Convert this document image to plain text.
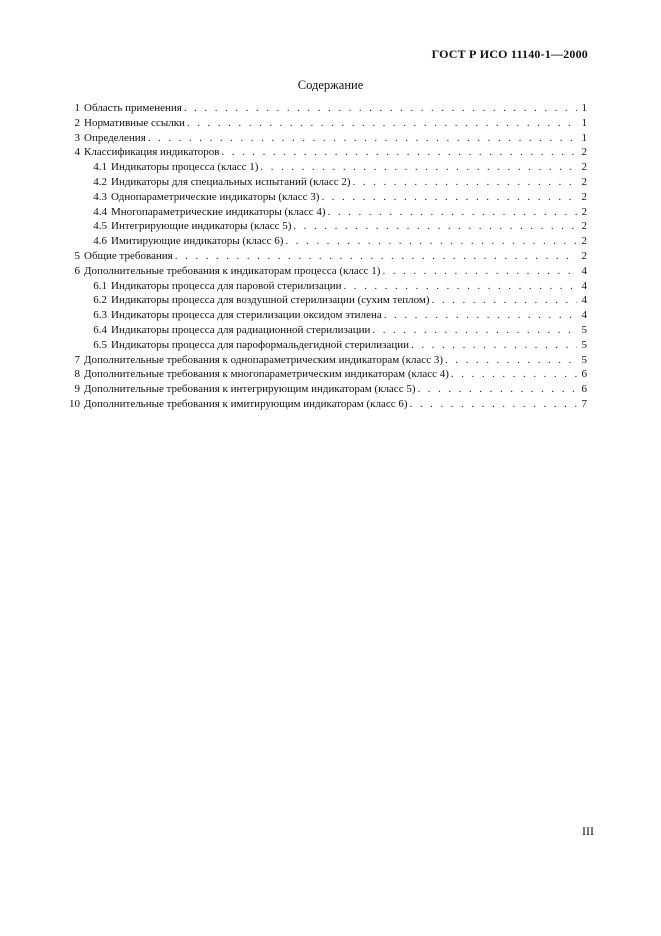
ГОСТ Р ИСО 11140-1—2000
Содержание
1 Область применения . . .	1
2 Нормативные ссылки . . .	1
3 Определения . . .	1
4 Классификация индикаторов . . .	2
4.1 Индикаторы процесса (класс 1) . . .	2
4.2 Индикаторы для специальных испытаний (класс 2) . . .	2
4.3 Однопараметрические индикаторы (класс 3) . . .	2
4.4 Многопараметрические индикаторы (класс 4) . . .	2
4.5 Интегрирующие индикаторы (класс 5) . . .	2
4.6 Имитирующие индикаторы (класс 6) . . .	2
5 Общие требования . . .	2
6 Дополнительные требования к индикаторам процесса (класс 1) . . .	4
6.1 Индикаторы процесса для паровой стерилизации . . .	4
6.2 Индикаторы процесса для воздушной стерилизации (сухим теплом) . . .	4
6.3 Индикаторы процесса для стерилизации оксидом этилена . . .	4
6.4 Индикаторы процесса для радиационной стерилизации . . .	5
6.5 Индикаторы процесса для пароформальдегидной стерилизации . . .	5
7 Дополнительные требования к однопараметрическим индикаторам (класс 3) . . .	5
8 Дополнительные требования к многопараметрическим индикаторам (класс 4) . . .	6
9 Дополнительные требования к интегрирующим индикаторам (класс 5) . . .	6
10 Дополнительные требования к имитирующим индикаторам (класс 6) . . .	7
III
